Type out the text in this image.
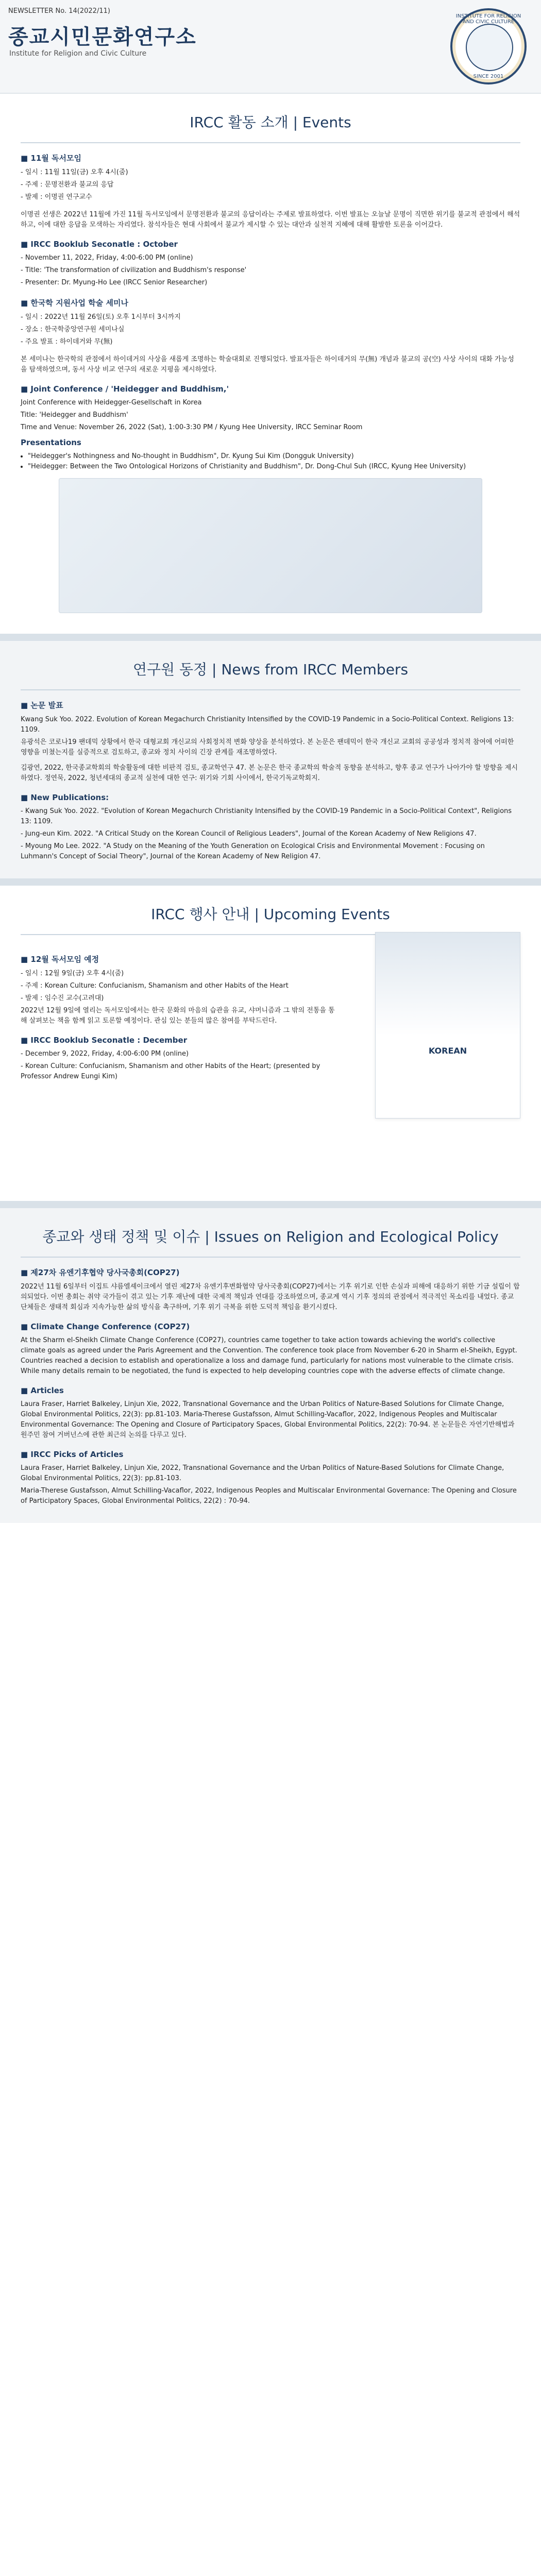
NEWSLETTER No. 14(2022/11)
종교시민문화연구소
Institute for Religion and Civic Culture
INSTITUTE FOR RELIGION AND CIVIC CULTURE
SINCE 2001
IRCC 활동 소개 | Events
■ 11월 독서모임
- 일시 : 11월 11일(금) 오후 4시(줌)
- 주제 : 문명전환과 불교의 응답
- 발제 : 이명권 연구교수
이명권 선생은 2022년 11월에 가진 11월 독서모임에서 문명전환과 불교의 응답이라는 주제로 발표하였다. 이번 발표는 오늘날 문명이 직면한 위기를 불교적 관점에서 해석하고, 이에 대한 응답을 모색하는 자리였다. 참석자들은 현대 사회에서 불교가 제시할 수 있는 대안과 실천적 지혜에 대해 활발한 토론을 이어갔다.
■ IRCC Booklub Seconatle : October
- November 11, 2022, Friday, 4:00-6:00 PM (online)
- Title: 'The transformation of civilization and Buddhism's response'
- Presenter: Dr. Myung-Ho Lee (IRCC Senior Researcher)
■ 한국학 지원사업 학술 세미나
- 일시 : 2022년 11월 26일(토) 오후 1시부터 3시까지
- 장소 : 한국학중앙연구원 세미나실
- 주요 발표 : 하이데거와 무(無)
본 세미나는 한국학의 관점에서 하이데거의 사상을 새롭게 조명하는 학술대회로 진행되었다. 발표자들은 하이데거의 무(無) 개념과 불교의 공(空) 사상 사이의 대화 가능성을 탐색하였으며, 동서 사상 비교 연구의 새로운 지평을 제시하였다.
■ Joint Conference / 'Heidegger and Buddhism,'
Joint Conference with Heidegger-Gesellschaft in Korea
Title: 'Heidegger and Buddhism'
Time and Venue: November 26, 2022 (Sat), 1:00-3:30 PM / Kyung Hee University, IRCC Seminar Room
Presentations
• "Heidegger's Nothingness and No-thought in Buddhism", Dr. Kyung Sui Kim (Dongguk University)
• "Heidegger: Between the Two Ontological Horizons of Christianity and Buddhism", Dr. Dong-Chul Suh (IRCC, Kyung Hee University)
연구원 동정 | News from IRCC Members
■ 논문 발표
Kwang Suk Yoo. 2022. Evolution of Korean Megachurch Christianity Intensified by the COVID-19 Pandemic in a Socio-Political Context. Religions 13: 1109.
유광석은 코로나19 팬데믹 상황에서 한국 대형교회 개신교의 사회정치적 변화 양상을 분석하였다. 본 논문은 팬데믹이 한국 개신교 교회의 공공성과 정치적 참여에 어떠한 영향을 미쳤는지를 실증적으로 검토하고, 종교와 정치 사이의 긴장 관계를 재조명하였다.
김광연, 2022, 한국종교학회의 학술활동에 대한 비판적 검토, 종교학연구 47. 본 논문은 한국 종교학의 학술적 동향을 분석하고, 향후 종교 연구가 나아가야 할 방향을 제시하였다. 정연묵, 2022, 청년세대의 종교적 실천에 대한 연구: 위기와 기회 사이에서, 한국기독교학회지.
■ New Publications:
- Kwang Suk Yoo. 2022. "Evolution of Korean Megachurch Christianity Intensified by the COVID-19 Pandemic in a Socio-Political Context", Religions 13: 1109.
- Jung-eun Kim. 2022. "A Critical Study on the Korean Council of Religious Leaders", Journal of the Korean Academy of New Religions 47.
- Myoung Mo Lee. 2022. "A Study on the Meaning of the Youth Generation on Ecological Crisis and Environmental Movement : Focusing on Luhmann's Concept of Social Theory", Journal of the Korean Academy of New Religion 47.
IRCC 행사 안내 | Upcoming Events
■ 12월 독서모임 예정
- 일시 : 12월 9일(금) 오후 4시(줌)
- 주제 : Korean Culture: Confucianism, Shamanism and other Habits of the Heart
- 발제 : 임수진 교수(고려대)
2022년 12월 9일에 열리는 독서모임에서는 한국 문화의 마음의 습관을 유교, 샤머니즘과 그 밖의 전통을 통해 살펴보는 책을 함께 읽고 토론할 예정이다. 관심 있는 분들의 많은 참여를 부탁드린다.
■ IRCC Booklub Seconatle : December
- December 9, 2022, Friday, 4:00-6:00 PM (online)
- Korean Culture: Confucianism, Shamanism and other Habits of the Heart; (presented by Professor Andrew Eungi Kim)
KOREAN
종교와 생태 정책 및 이슈 | Issues on Religion and Ecological Policy
■ 제27차 유엔기후협약 당사국총회(COP27)
2022년 11월 6일부터 이집트 샤름엘셰이크에서 열린 제27차 유엔기후변화협약 당사국총회(COP27)에서는 기후 위기로 인한 손실과 피해에 대응하기 위한 기금 설립이 합의되었다. 이번 총회는 취약 국가들이 겪고 있는 기후 재난에 대한 국제적 책임과 연대를 강조하였으며, 종교계 역시 기후 정의의 관점에서 적극적인 목소리를 내었다. 종교 단체들은 생태적 회심과 지속가능한 삶의 방식을 촉구하며, 기후 위기 극복을 위한 도덕적 책임을 환기시켰다.
■ Climate Change Conference (COP27)
At the Sharm el-Sheikh Climate Change Conference (COP27), countries came together to take action towards achieving the world's collective climate goals as agreed under the Paris Agreement and the Convention. The conference took place from November 6-20 in Sharm el-Sheikh, Egypt. Countries reached a decision to establish and operationalize a loss and damage fund, particularly for nations most vulnerable to the climate crisis. While many details remain to be negotiated, the fund is expected to help developing countries cope with the adverse effects of climate change.
■ Articles
Laura Fraser, Harriet Balkeley, Linjun Xie, 2022, Transnational Governance and the Urban Politics of Nature-Based Solutions for Climate Change, Global Environmental Politics, 22(3): pp.81-103. Maria-Therese Gustafsson, Almut Schilling-Vacaflor, 2022, Indigenous Peoples and Multiscalar Environmental Governance: The Opening and Closure of Participatory Spaces, Global Environmental Politics, 22(2): 70-94. 본 논문들은 자연기반해법과 원주민 참여 거버넌스에 관한 최근의 논의를 다루고 있다.
■ IRCC Picks of Articles
Laura Fraser, Harriet Balkeley, Linjun Xie, 2022, Transnational Governance and the Urban Politics of Nature-Based Solutions for Climate Change, Global Environmental Politics, 22(3): pp.81-103.
Maria-Therese Gustafsson, Almut Schilling-Vacaflor, 2022, Indigenous Peoples and Multiscalar Environmental Governance: The Opening and Closure of Participatory Spaces, Global Environmental Politics, 22(2) : 70-94.
